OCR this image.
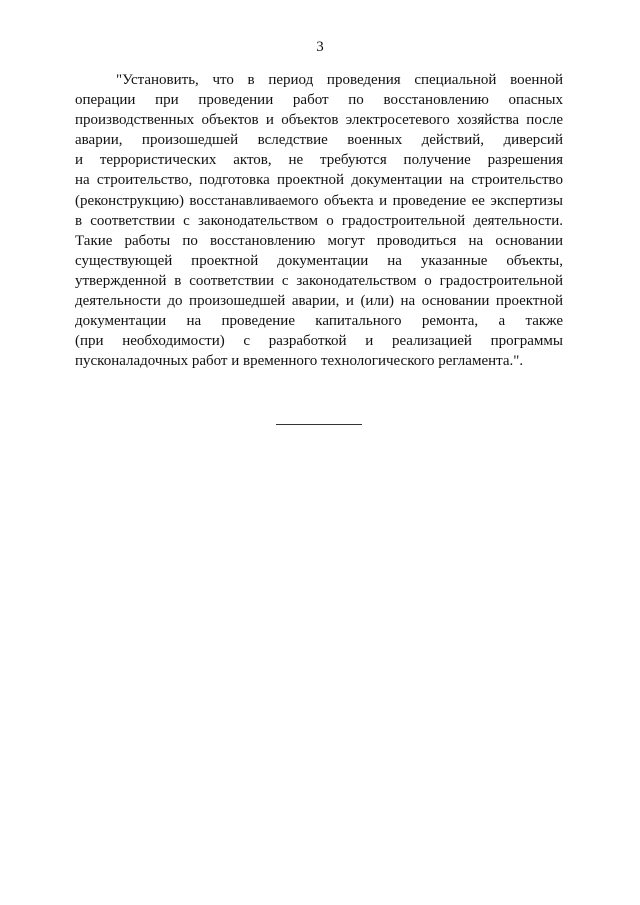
3
"Установить, что в период проведения специальной военной
операции при проведении работ по восстановлению опасных
производственных объектов и объектов электросетевого хозяйства после
аварии, произошедшей вследствие военных действий, диверсий
и террористических актов, не требуются получение разрешения
на строительство, подготовка проектной документации на строительство
(реконструкцию) восстанавливаемого объекта и проведение ее экспертизы
в соответствии с законодательством о градостроительной деятельности.
Такие работы по восстановлению могут проводиться на основании
существующей проектной документации на указанные объекты,
утвержденной в соответствии с законодательством о градостроительной
деятельности до произошедшей аварии, и (или) на основании проектной
документации на проведение капитального ремонта, а также
(при необходимости) с разработкой и реализацией программы
пусконаладочных работ и временного технологического регламента.".
